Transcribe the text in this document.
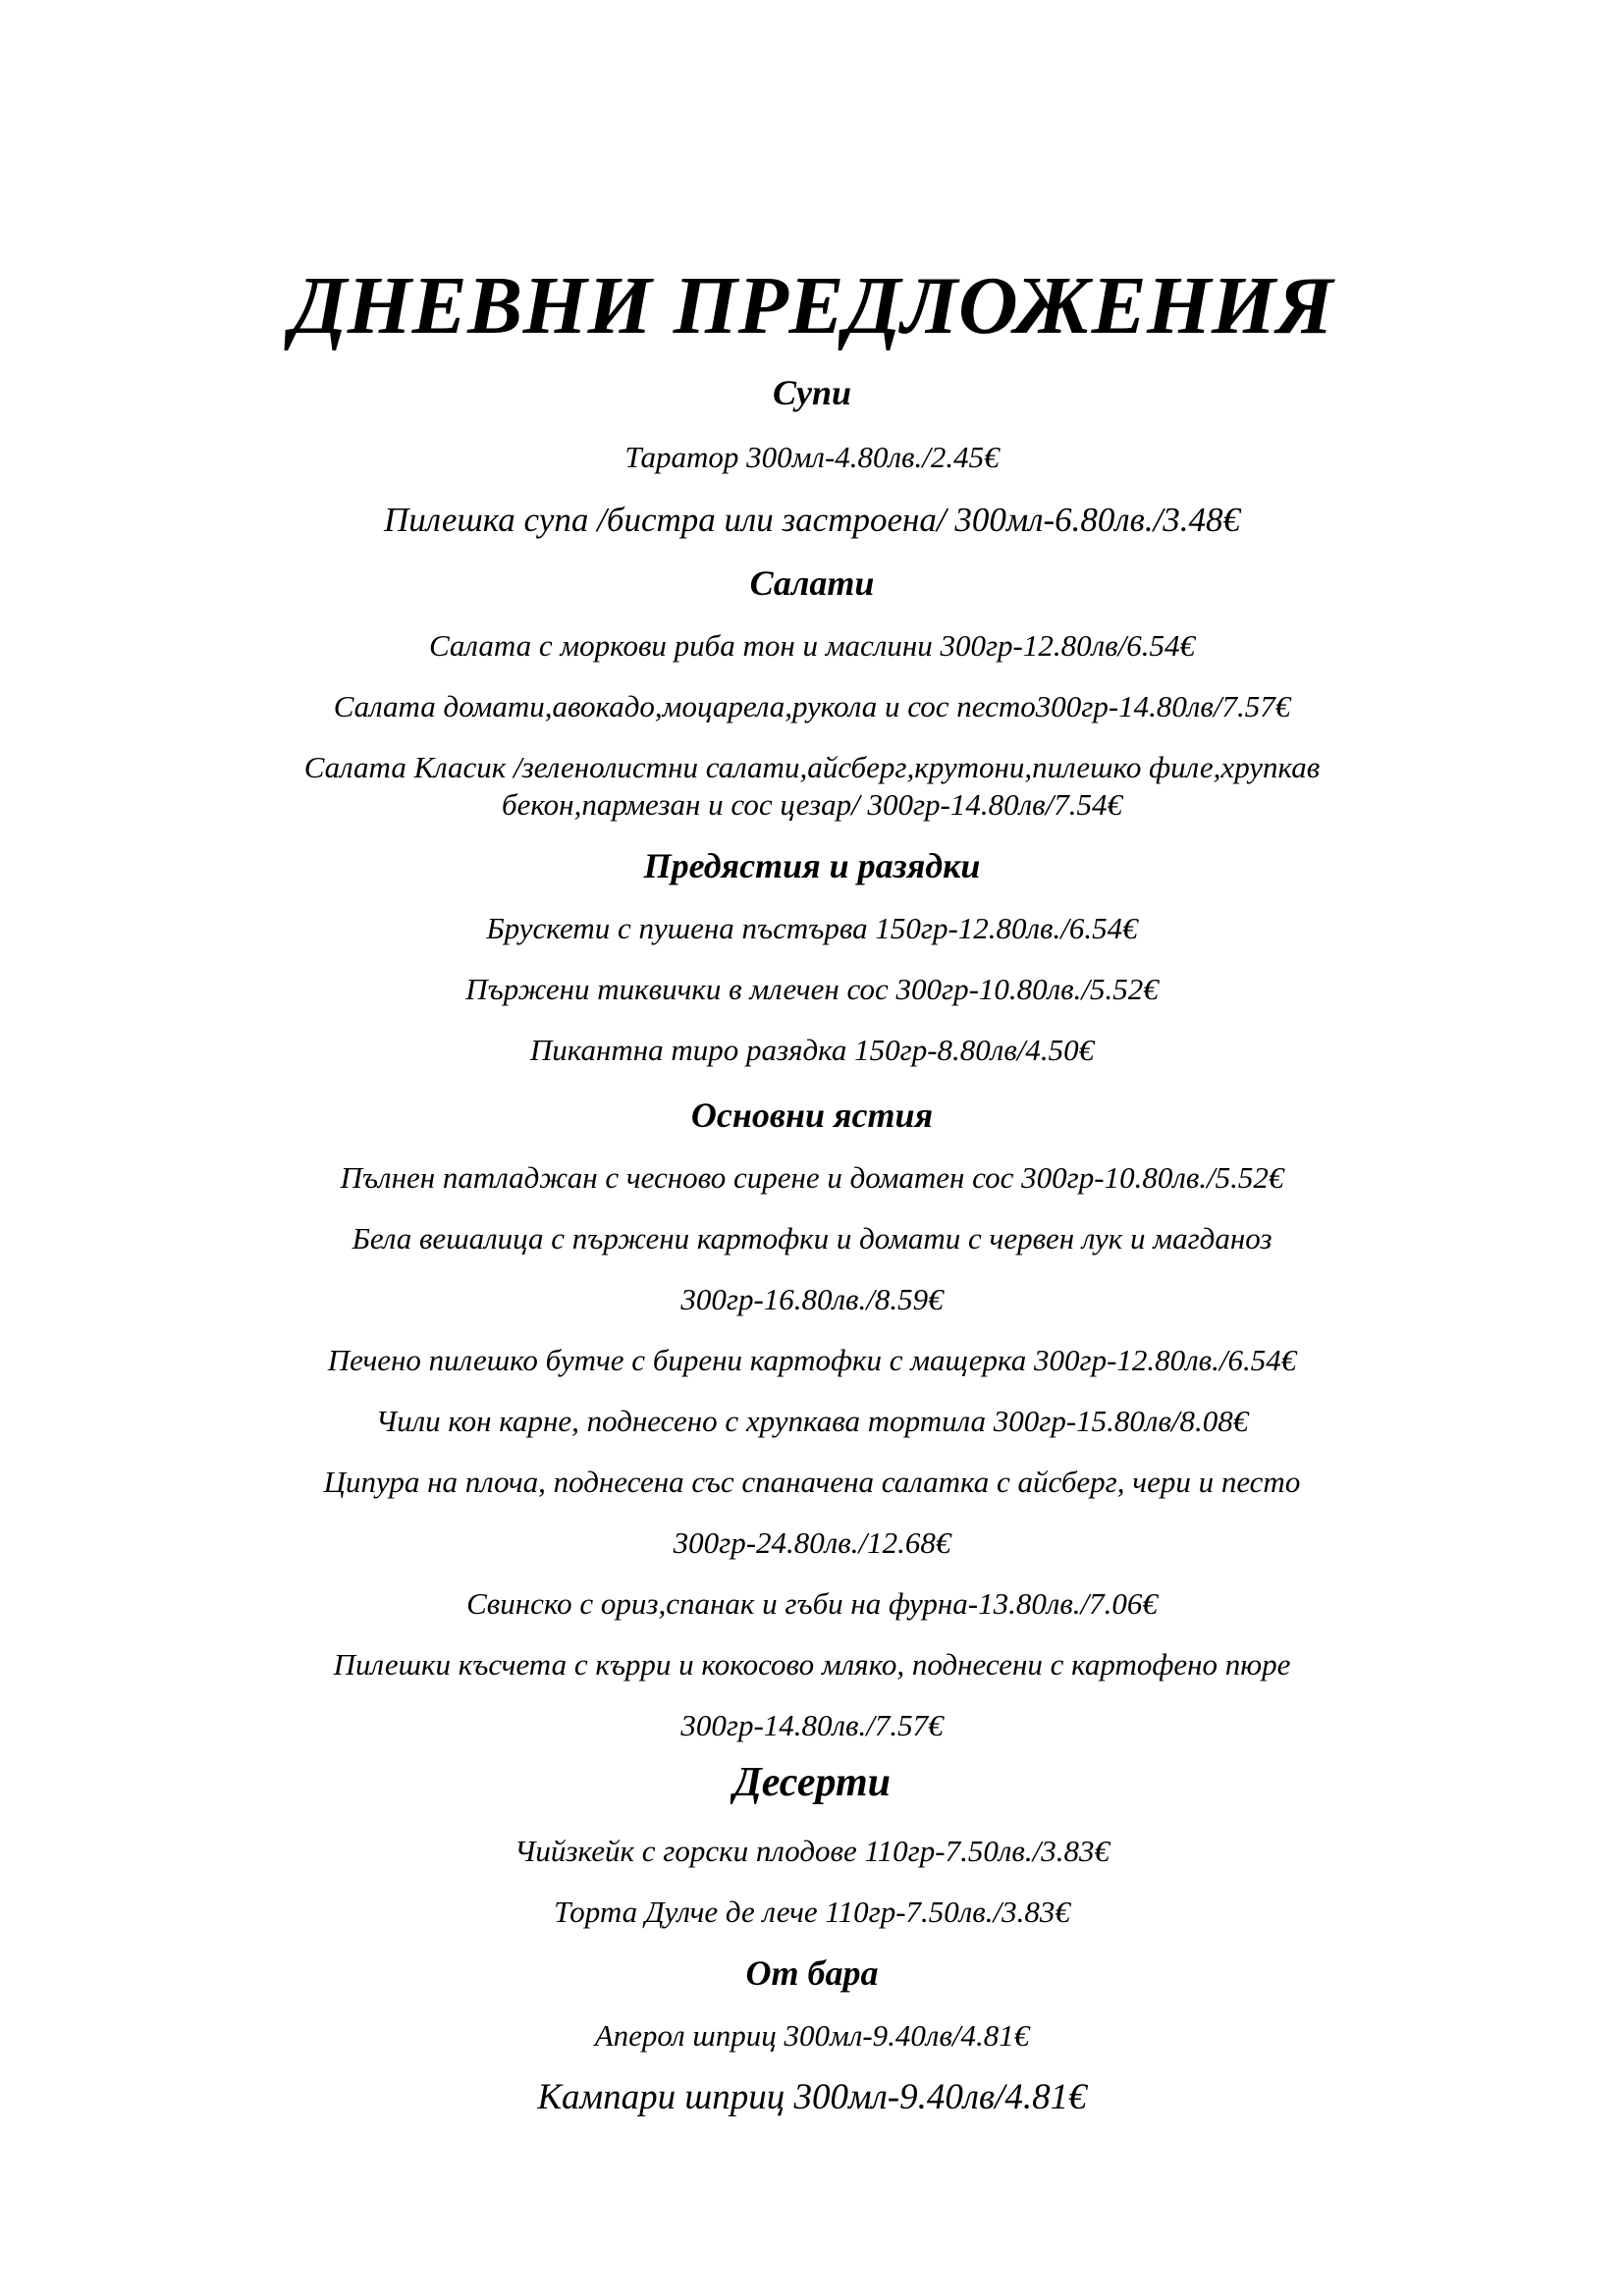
ДНЕВНИ ПРЕДЛОЖЕНИЯ
Супи
Таратор 300мл-4.80лв./2.45€
Пилешка супа /бистра или застроена/ 300мл-6.80лв./3.48€
Салати
Салата с моркови риба тон и маслини 300гр-12.80лв/6.54€
Салата домати,авокадо,моцарела,рукола и сос песто300гр-14.80лв/7.57€
Салата Класик /зеленолистни салати,айсберг,крутони,пилешко филе,хрупкав
бекон,пармезан и сос цезар/ 300гр-14.80лв/7.54€
Предястия и разядки
Брускети с пушена пъстърва 150гр-12.80лв./6.54€
Пържени тиквички в млечен сос 300гр-10.80лв./5.52€
Пикантна тиро разядка 150гр-8.80лв/4.50€
Основни ястия
Пълнен патладжан с чесново сирене и доматен сос 300гр-10.80лв./5.52€
Бела вешалица с пържени картофки и домати с червен лук и магданоз
300гр-16.80лв./8.59€
Печено пилешко бутче с бирени картофки с мащерка 300гр-12.80лв./6.54€
Чили кон карне, поднесено с хрупкава тортила 300гр-15.80лв/8.08€
Ципура на плоча, поднесена със спаначена салатка с айсберг, чери и песто
300гр-24.80лв./12.68€
Свинско с ориз,спанак и гъби на фурна-13.80лв./7.06€
Пилешки късчета с кърри и кокосово мляко, поднесени с картофено пюре
300гр-14.80лв./7.57€
Десерти
Чийзкейк с горски плодове 110гр-7.50лв./3.83€
Торта Дулче де лече 110гр-7.50лв./3.83€
От бара
Аперол шприц 300мл-9.40лв/4.81€
Кампари шприц 300мл-9.40лв/4.81€
